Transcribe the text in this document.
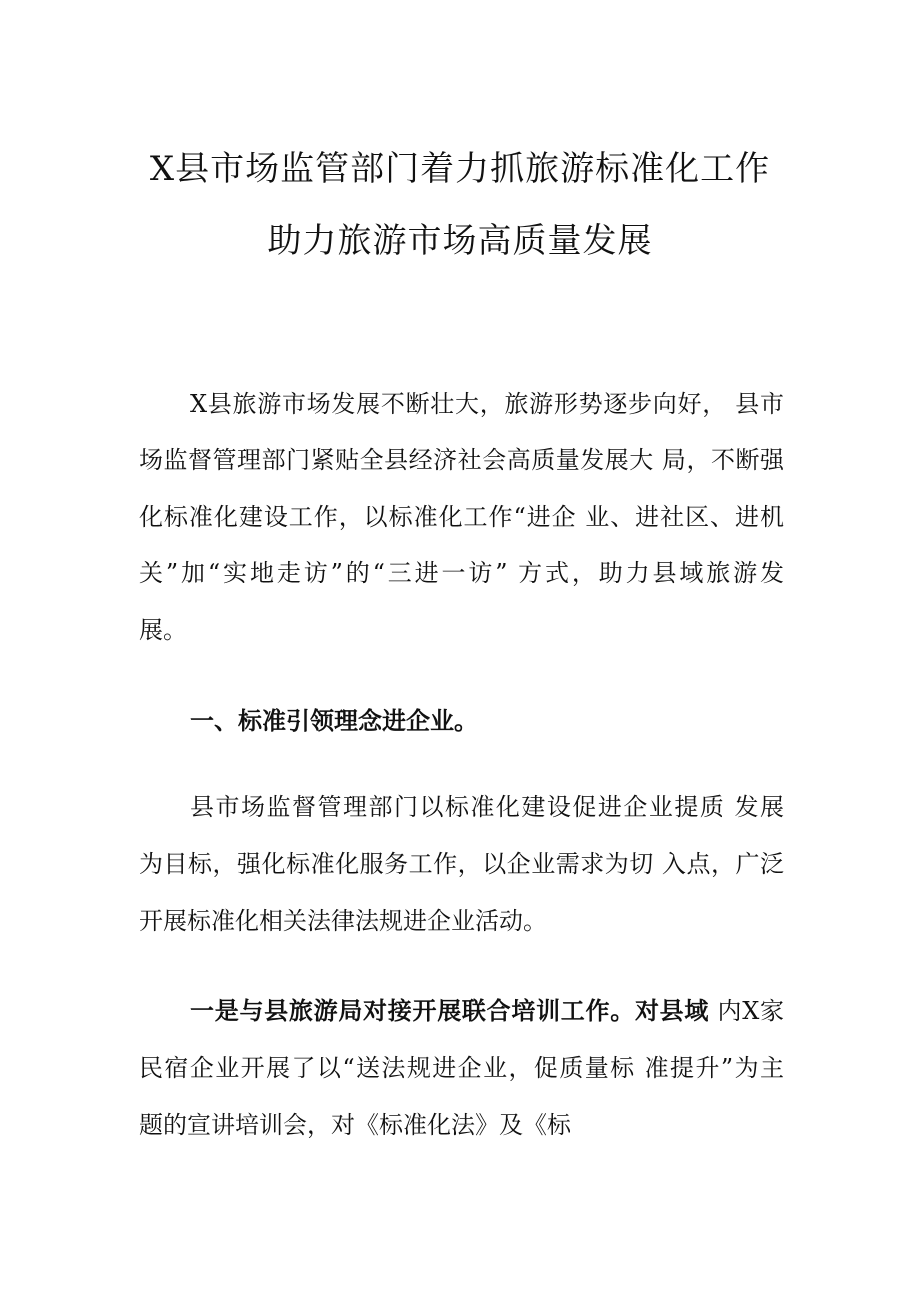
X县市场监管部门着力抓旅游标准化工作
助力旅游市场高质量发展
X县旅游市场发展不断壮大，旅游形势逐步向好， 县市
场监督管理部门紧贴全县经济社会高质量发展大 局，不断强
化标准化建设工作，以标准化工作“进企 业、进社区、进机
关”加“实地走访”的“三进一访” 方式，助力县域旅游发
展。
一、标准引领理念进企业。
县市场监督管理部门以标准化建设促进企业提质 发展
为目标，强化标准化服务工作，以企业需求为切 入点，广泛
开展标准化相关法律法规进企业活动。
一是与县旅游局对接开展联合培训工作。对县域 内X家
民宿企业开展了以“送法规进企业，促质量标 准提升”为主
题的宣讲培训会，对《标准化法》及《标
